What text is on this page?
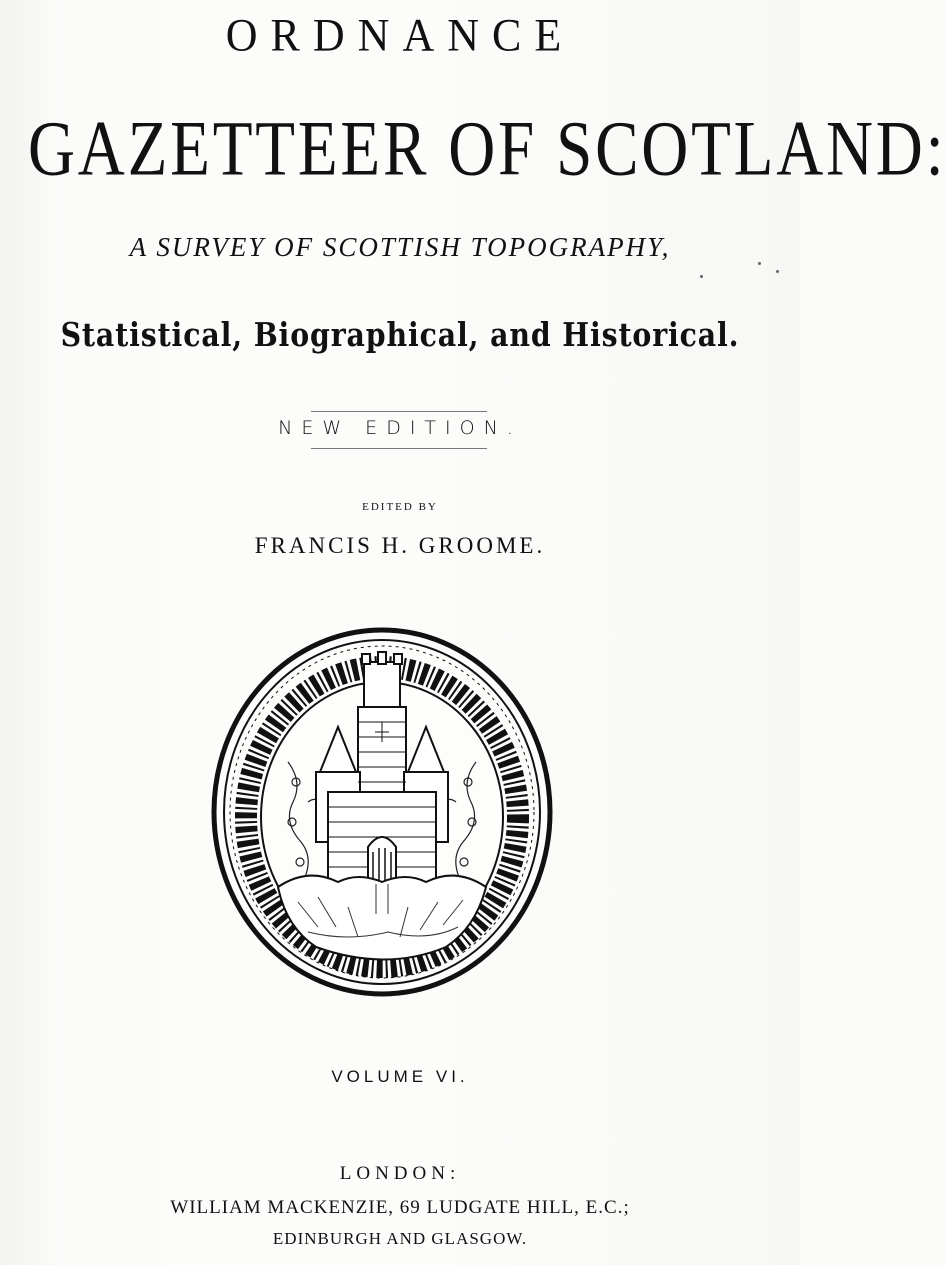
ORDNANCE
GAZETTEER OF SCOTLAND:
A SURVEY OF SCOTTISH TOPOGRAPHY,
Statistical, Biographical, and Historical.
NEW EDITION.
EDITED BY
FRANCIS H. GROOME.
VOLUME VI.
LONDON:
WILLIAM MACKENZIE, 69 LUDGATE HILL, E.C.;
EDINBURGH AND GLASGOW.
